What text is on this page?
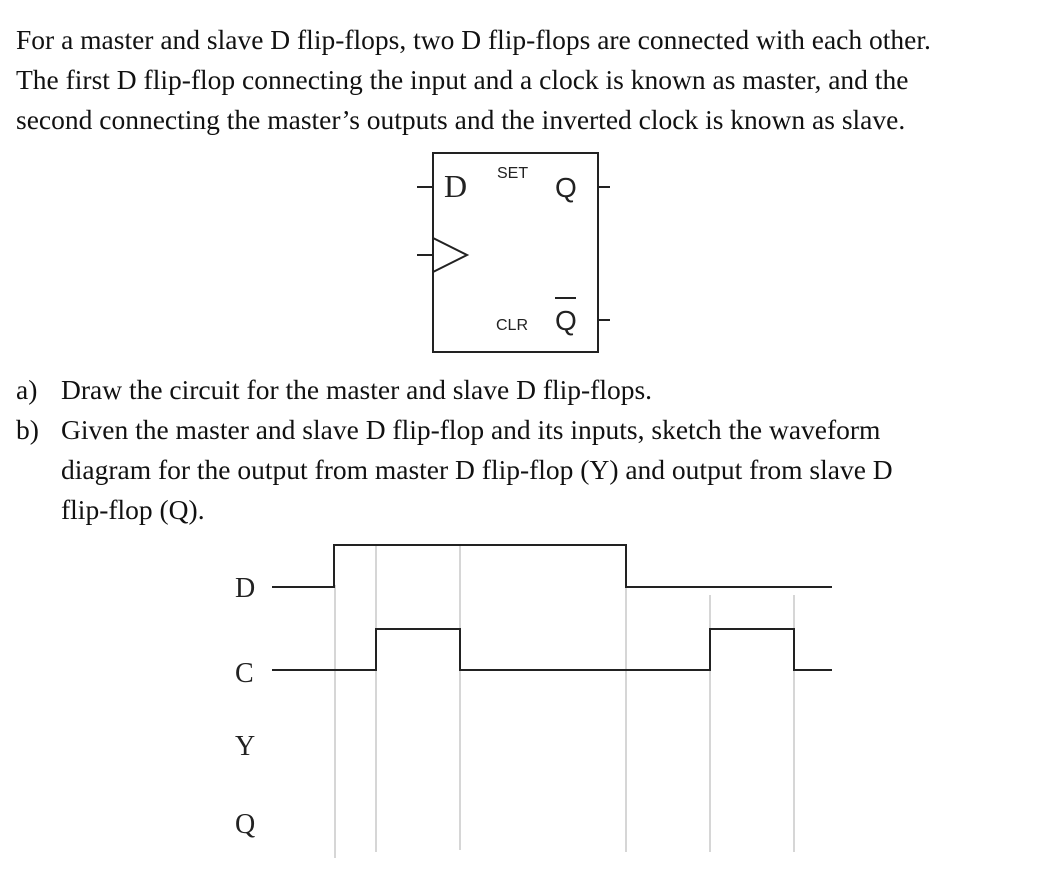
For a master and slave D flip-flops, two D flip-flops are connected with each other.
The first D flip-flop connecting the input and a clock is known as master, and the
second connecting the master’s outputs and the inverted clock is known as slave.

D SET Q
CLR Q
a) Draw the circuit for the master and slave D flip-flops.
b) Given the master and slave D flip-flop and its inputs, sketch the waveform
diagram for the output from master D flip-flop (Y) and output from slave D
flip-flop (Q).
D
C
Y
Q
